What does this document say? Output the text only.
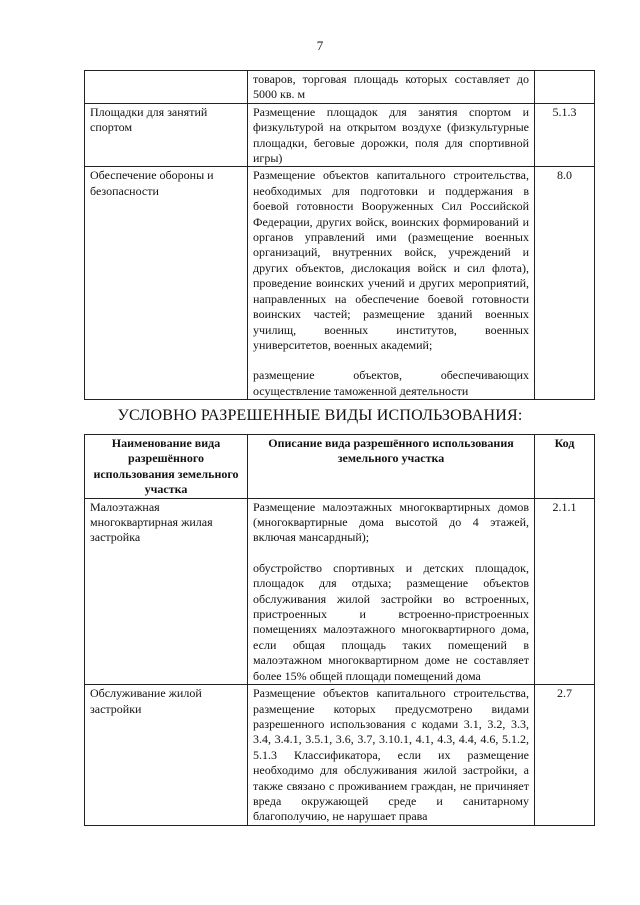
7

	товаров, торговая площадь которых составляет до 5000 кв. м	

Площадки для занятий спортом	Размещение площадок для занятия спортом и физкультурой на открытом воздухе (физкультурные площадки, беговые дорожки, поля для спортивной игры)	5.1.3
Обеспечение обороны и безопасности	Размещение объектов капитального строительства, необходимых для подготовки и поддержания в боевой готовности Вооруженных Сил Российской Федерации, других войск, воинских формирований и органов управлений ими (размещение военных организаций, внутренних войск, учреждений и других объектов, дислокация войск и сил флота), проведение воинских учений и других мероприятий, направленных на обеспечение боевой готовности воинских частей; размещение зданий военных училищ, военных институтов, военных университетов, военных академий;

размещение объектов, обеспечивающих осуществление таможенной деятельности	8.0
УСЛОВНО РАЗРЕШЕННЫЕ ВИДЫ ИСПОЛЬЗОВАНИЯ:
Наименование вида разрешённого использования земельного участка	Описание вида разрешённого использования земельного участка	Код
Малоэтажная многоквартирная жилая застройка	Размещение малоэтажных многоквартирных домов (многоквартирные дома высотой до 4 этажей, включая мансардный);

обустройство спортивных и детских площадок, площадок для отдыха; размещение объектов обслуживания жилой застройки во встроенных, пристроенных и встроенно-пристроенных помещениях малоэтажного многоквартирного дома, если общая площадь таких помещений в малоэтажном многоквартирном доме не составляет более 15% общей площади помещений дома	2.1.1
Обслуживание жилой застройки	Размещение объектов капитального строительства, размещение которых предусмотрено видами разрешенного использования с кодами 3.1, 3.2, 3.3, 3.4, 3.4.1, 3.5.1, 3.6, 3.7, 3.10.1, 4.1, 4.3, 4.4, 4.6, 5.1.2, 5.1.3 Классификатора, если их размещение необходимо для обслуживания жилой застройки, а также связано с проживанием граждан, не причиняет вреда окружающей среде и санитарному благополучию, не нарушает права	2.7
